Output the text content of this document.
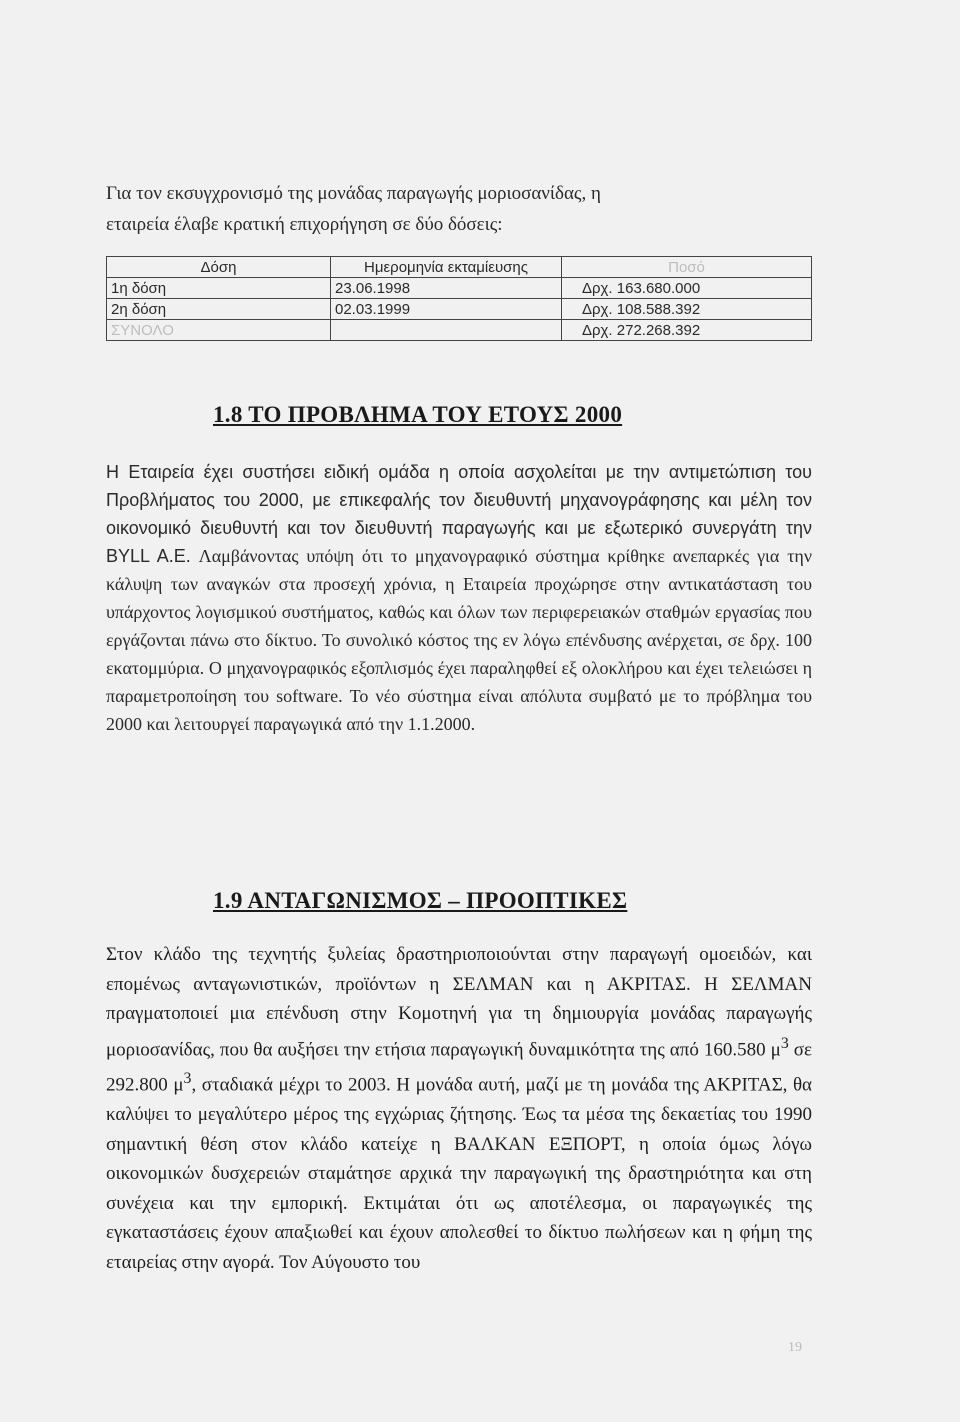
Για τον εκσυγχρονισμό της μονάδας παραγωγής μοριοσανίδας, η

εταιρεία έλαβε κρατική επιχορήγηση σε δύο δόσεις:

Δόση	Ημερομηνία εκταμίευσης	Ποσό
1η δόση	23.06.1998	Δρχ. 163.680.000
2η δόση	02.03.1999	Δρχ. 108.588.392
ΣΥΝΟΛΟ		Δρχ. 272.268.392
1.8 ΤΟ ΠΡΟΒΛΗΜΑ ΤΟΥ ΕΤΟΥΣ 2000

Η Εταιρεία έχει συστήσει ειδική ομάδα η οποία ασχολείται με την αντιμετώπιση του Προβλήματος του 2000, με επικεφαλής τον διευθυντή μηχανογράφησης και μέλη τον οικονομικό διευθυντή και τον διευθυντή παραγωγής και με εξωτερικό συνεργάτη την BYLL A.E. Λαμβάνοντας υπόψη ότι το μηχανογραφικό σύστημα κρίθηκε ανεπαρκές για την κάλυψη των αναγκών στα προσεχή χρόνια, η Εταιρεία προχώρησε στην αντικατάσταση του υπάρχοντος λογισμικού συστήματος, καθώς και όλων των περιφερειακών σταθμών εργασίας που εργάζονται πάνω στο δίκτυο. Το συνολικό κόστος της εν λόγω επένδυσης ανέρχεται, σε δρχ. 100 εκατομμύρια. Ο μηχανογραφικός εξοπλισμός έχει παραληφθεί εξ ολοκλήρου και έχει τελειώσει η παραμετροποίηση του software. Το νέο σύστημα είναι απόλυτα συμβατό με το πρόβλημα του 2000 και λειτουργεί παραγωγικά από την 1.1.2000.

1.9 ΑΝΤΑΓΩΝΙΣΜΟΣ – ΠΡΟΟΠΤΙΚΕΣ

Στον κλάδο της τεχνητής ξυλείας δραστηριοποιούνται στην παραγωγή ομοειδών, και επομένως ανταγωνιστικών, προϊόντων η ΣΕΛΜΑΝ και η ΑΚΡΙΤΑΣ. Η ΣΕΛΜΑΝ πραγματοποιεί μια επένδυση στην Κομοτηνή για τη δημιουργία μονάδας παραγωγής μοριοσανίδας, που θα αυξήσει την ετήσια παραγωγική δυναμικότητα της από 160.580 $\mu^3$ σε 292.800 $\mu^3$, σταδιακά μέχρι το 2003. Η μονάδα αυτή, μαζί με τη μονάδα της ΑΚΡΙΤΑΣ, θα καλύψει το μεγαλύτερο μέρος της εγχώριας ζήτησης. Έως τα μέσα της δεκαετίας του 1990 σημαντική θέση στον κλάδο κατείχε η ΒΑΛΚΑΝ ΕΞΠΟΡΤ, η οποία όμως λόγω οικονομικών δυσχερειών σταμάτησε αρχικά την παραγωγική της δραστηριότητα και στη συνέχεια και την εμπορική. Εκτιμάται ότι ως αποτέλεσμα, οι παραγωγικές της εγκαταστάσεις έχουν απαξιωθεί και έχουν απολεσθεί το δίκτυο πωλήσεων και η φήμη της εταιρείας στην αγορά. Τον Αύγουστο του

19
